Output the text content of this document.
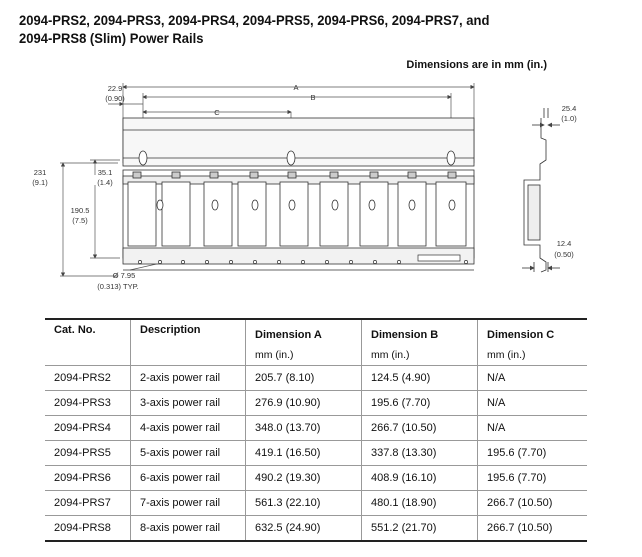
2094-PRS2, 2094-PRS3, 2094-PRS4, 2094-PRS5, 2094-PRS6, 2094-PRS7, and
2094-PRS8 (Slim) Power Rails
Dimensions are in mm (in.)
A
B
C
22.9
(0.90)
231
(9.1)
35.1
(1.4)
190.5
(7.5)
Ø 7.95
(0.313) TYP.
25.4
(1.0)
12.4
(0.50)
Cat. No.	Description	Dimension A	Dimension B	Dimension C
		mm (in.)	mm (in.)	mm (in.)
2094-PRS2	2-axis power rail	205.7 (8.10)	124.5 (4.90)	N/A
2094-PRS3	3-axis power rail	276.9 (10.90)	195.6 (7.70)	N/A
2094-PRS4	4-axis power rail	348.0 (13.70)	266.7 (10.50)	N/A
2094-PRS5	5-axis power rail	419.1 (16.50)	337.8 (13.30)	195.6 (7.70)
2094-PRS6	6-axis power rail	490.2 (19.30)	408.9 (16.10)	195.6 (7.70)
2094-PRS7	7-axis power rail	561.3 (22.10)	480.1 (18.90)	266.7 (10.50)
2094-PRS8	8-axis power rail	632.5 (24.90)	551.2 (21.70)	266.7 (10.50)
